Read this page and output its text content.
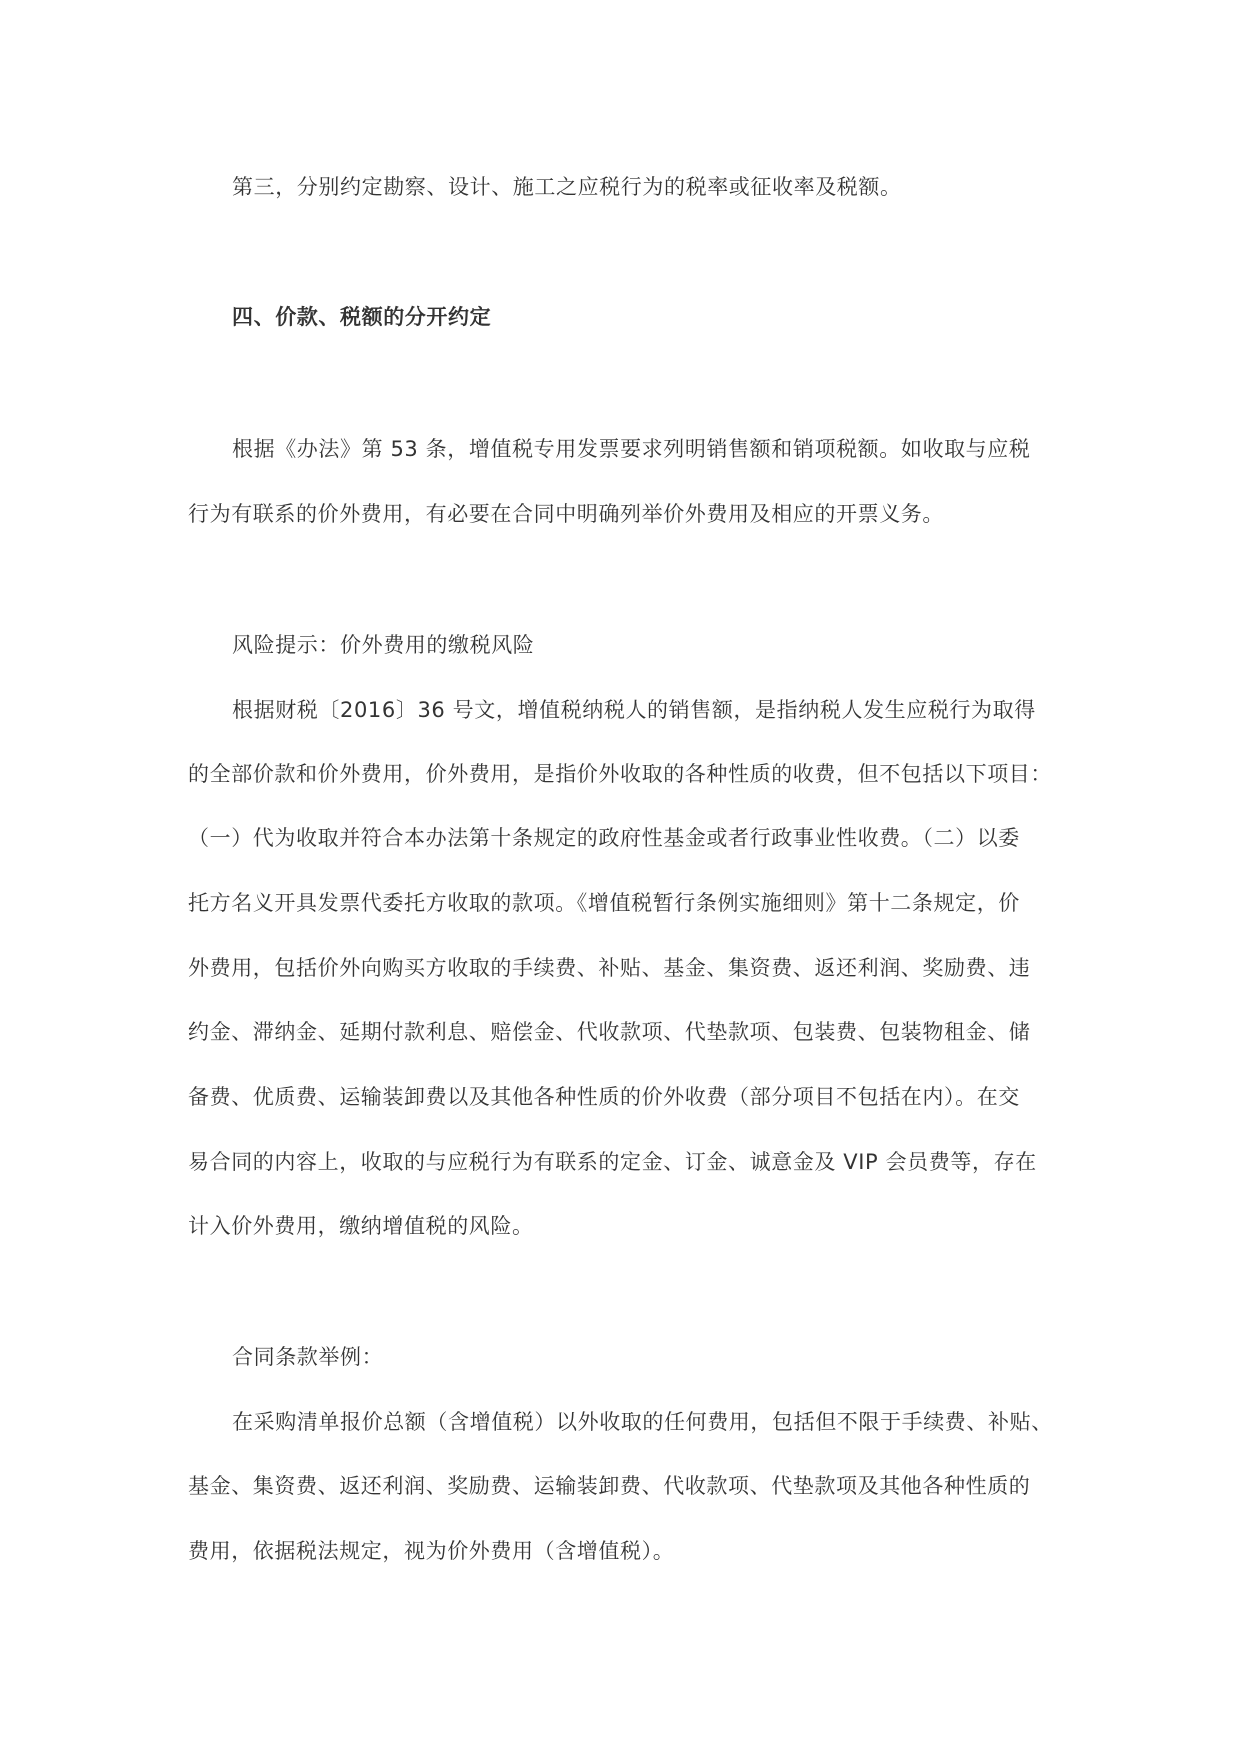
第三，分别约定勘察、设计、施工之应税行为的税率或征收率及税额。
四、价款、税额的分开约定
根据《办法》第 53 条，增值税专用发票要求列明销售额和销项税额。如收取与应税
行为有联系的价外费用，有必要在合同中明确列举价外费用及相应的开票义务。
风险提示：价外费用的缴税风险
根据财税〔2016〕36 号文，增值税纳税人的销售额，是指纳税人发生应税行为取得
的全部价款和价外费用，价外费用，是指价外收取的各种性质的收费，但不包括以下项目：
（一）代为收取并符合本办法第十条规定的政府性基金或者行政事业性收费。（二）以委
托方名义开具发票代委托方收取的款项。《增值税暂行条例实施细则》第十二条规定，价
外费用，包括价外向购买方收取的手续费、补贴、基金、集资费、返还利润、奖励费、违
约金、滞纳金、延期付款利息、赔偿金、代收款项、代垫款项、包装费、包装物租金、储
备费、优质费、运输装卸费以及其他各种性质的价外收费（部分项目不包括在内）。在交
易合同的内容上，收取的与应税行为有联系的定金、订金、诚意金及 VIP 会员费等，存在
计入价外费用，缴纳增值税的风险。
合同条款举例：
在采购清单报价总额（含增值税）以外收取的任何费用，包括但不限于手续费、补贴、
基金、集资费、返还利润、奖励费、运输装卸费、代收款项、代垫款项及其他各种性质的
费用，依据税法规定，视为价外费用（含增值税）。
